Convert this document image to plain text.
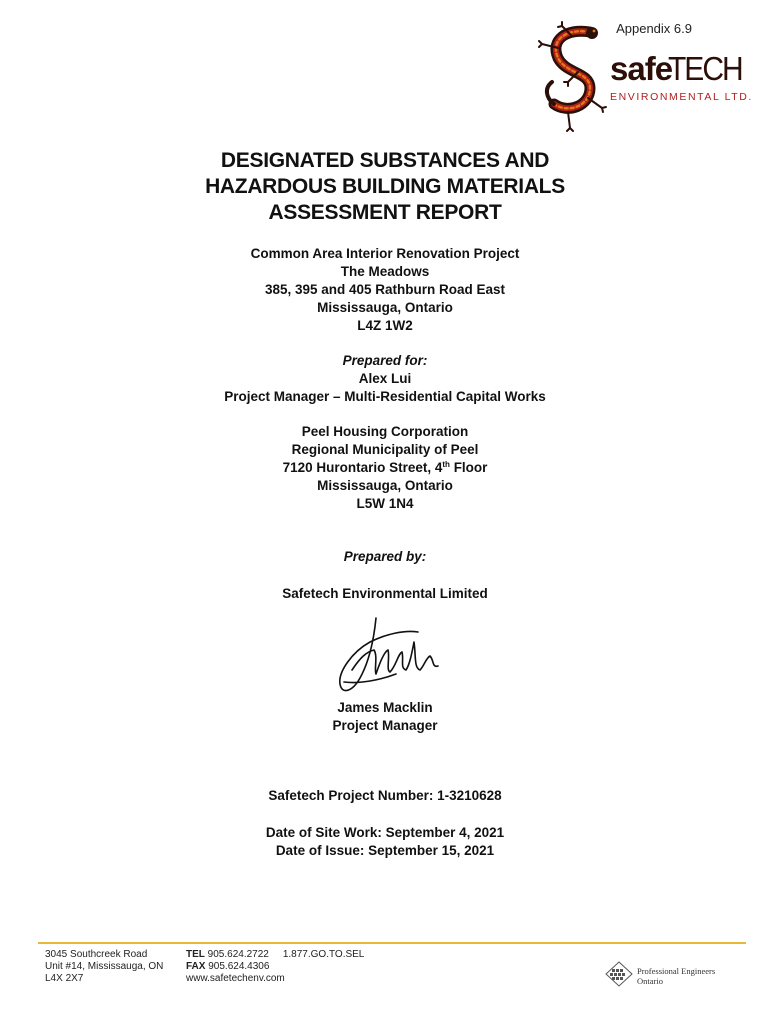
Appendix 6.9
safe
TECH
ENVIRONMENTAL LTD.
DESIGNATED SUBSTANCES AND
HAZARDOUS BUILDING MATERIALS
ASSESSMENT REPORT
Common Area Interior Renovation Project
The Meadows
385, 395 and 405 Rathburn Road East
Mississauga, Ontario
L4Z 1W2
Prepared for:
Alex Lui
Project Manager – Multi-Residential Capital Works
Peel Housing Corporation
Regional Municipality of Peel
7120 Hurontario Street, 4th Floor
Mississauga, Ontario
L5W 1N4
Prepared by:
Safetech Environmental Limited
James Macklin
Project Manager
Safetech Project Number: 1-3210628
Date of Site Work: September 4, 2021
Date of Issue: September 15, 2021
3045 Southcreek Road
Unit #14, Mississauga, ON
L4X 2X7
TEL 905.624.2722 1.877.GO.TO.SEL
FAX 905.624.4306
www.safetechenv.com
Professional Engineers
Ontario
